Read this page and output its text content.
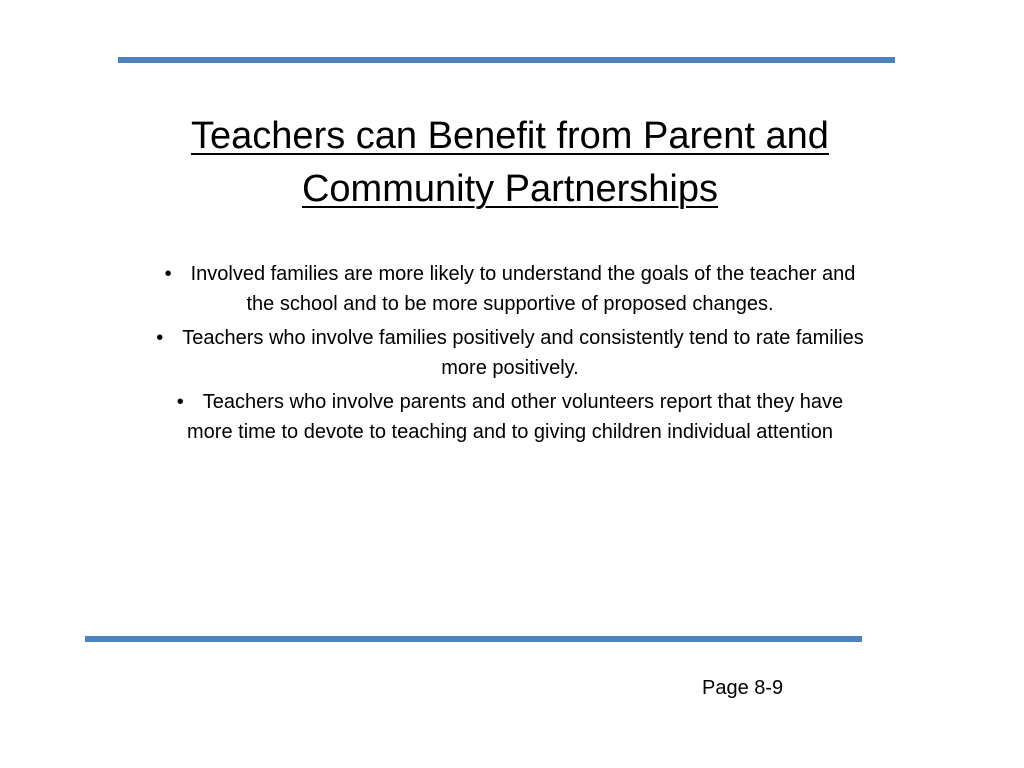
Teachers can Benefit from Parent and Community Partnerships
• Involved families are more likely to understand the goals of the teacher and the school and to be more supportive of proposed changes.
• Teachers who involve families positively and consistently tend to rate families more positively.
• Teachers who involve parents and other volunteers report that they have more time to devote to teaching and to giving children individual attention

Page 8-9
